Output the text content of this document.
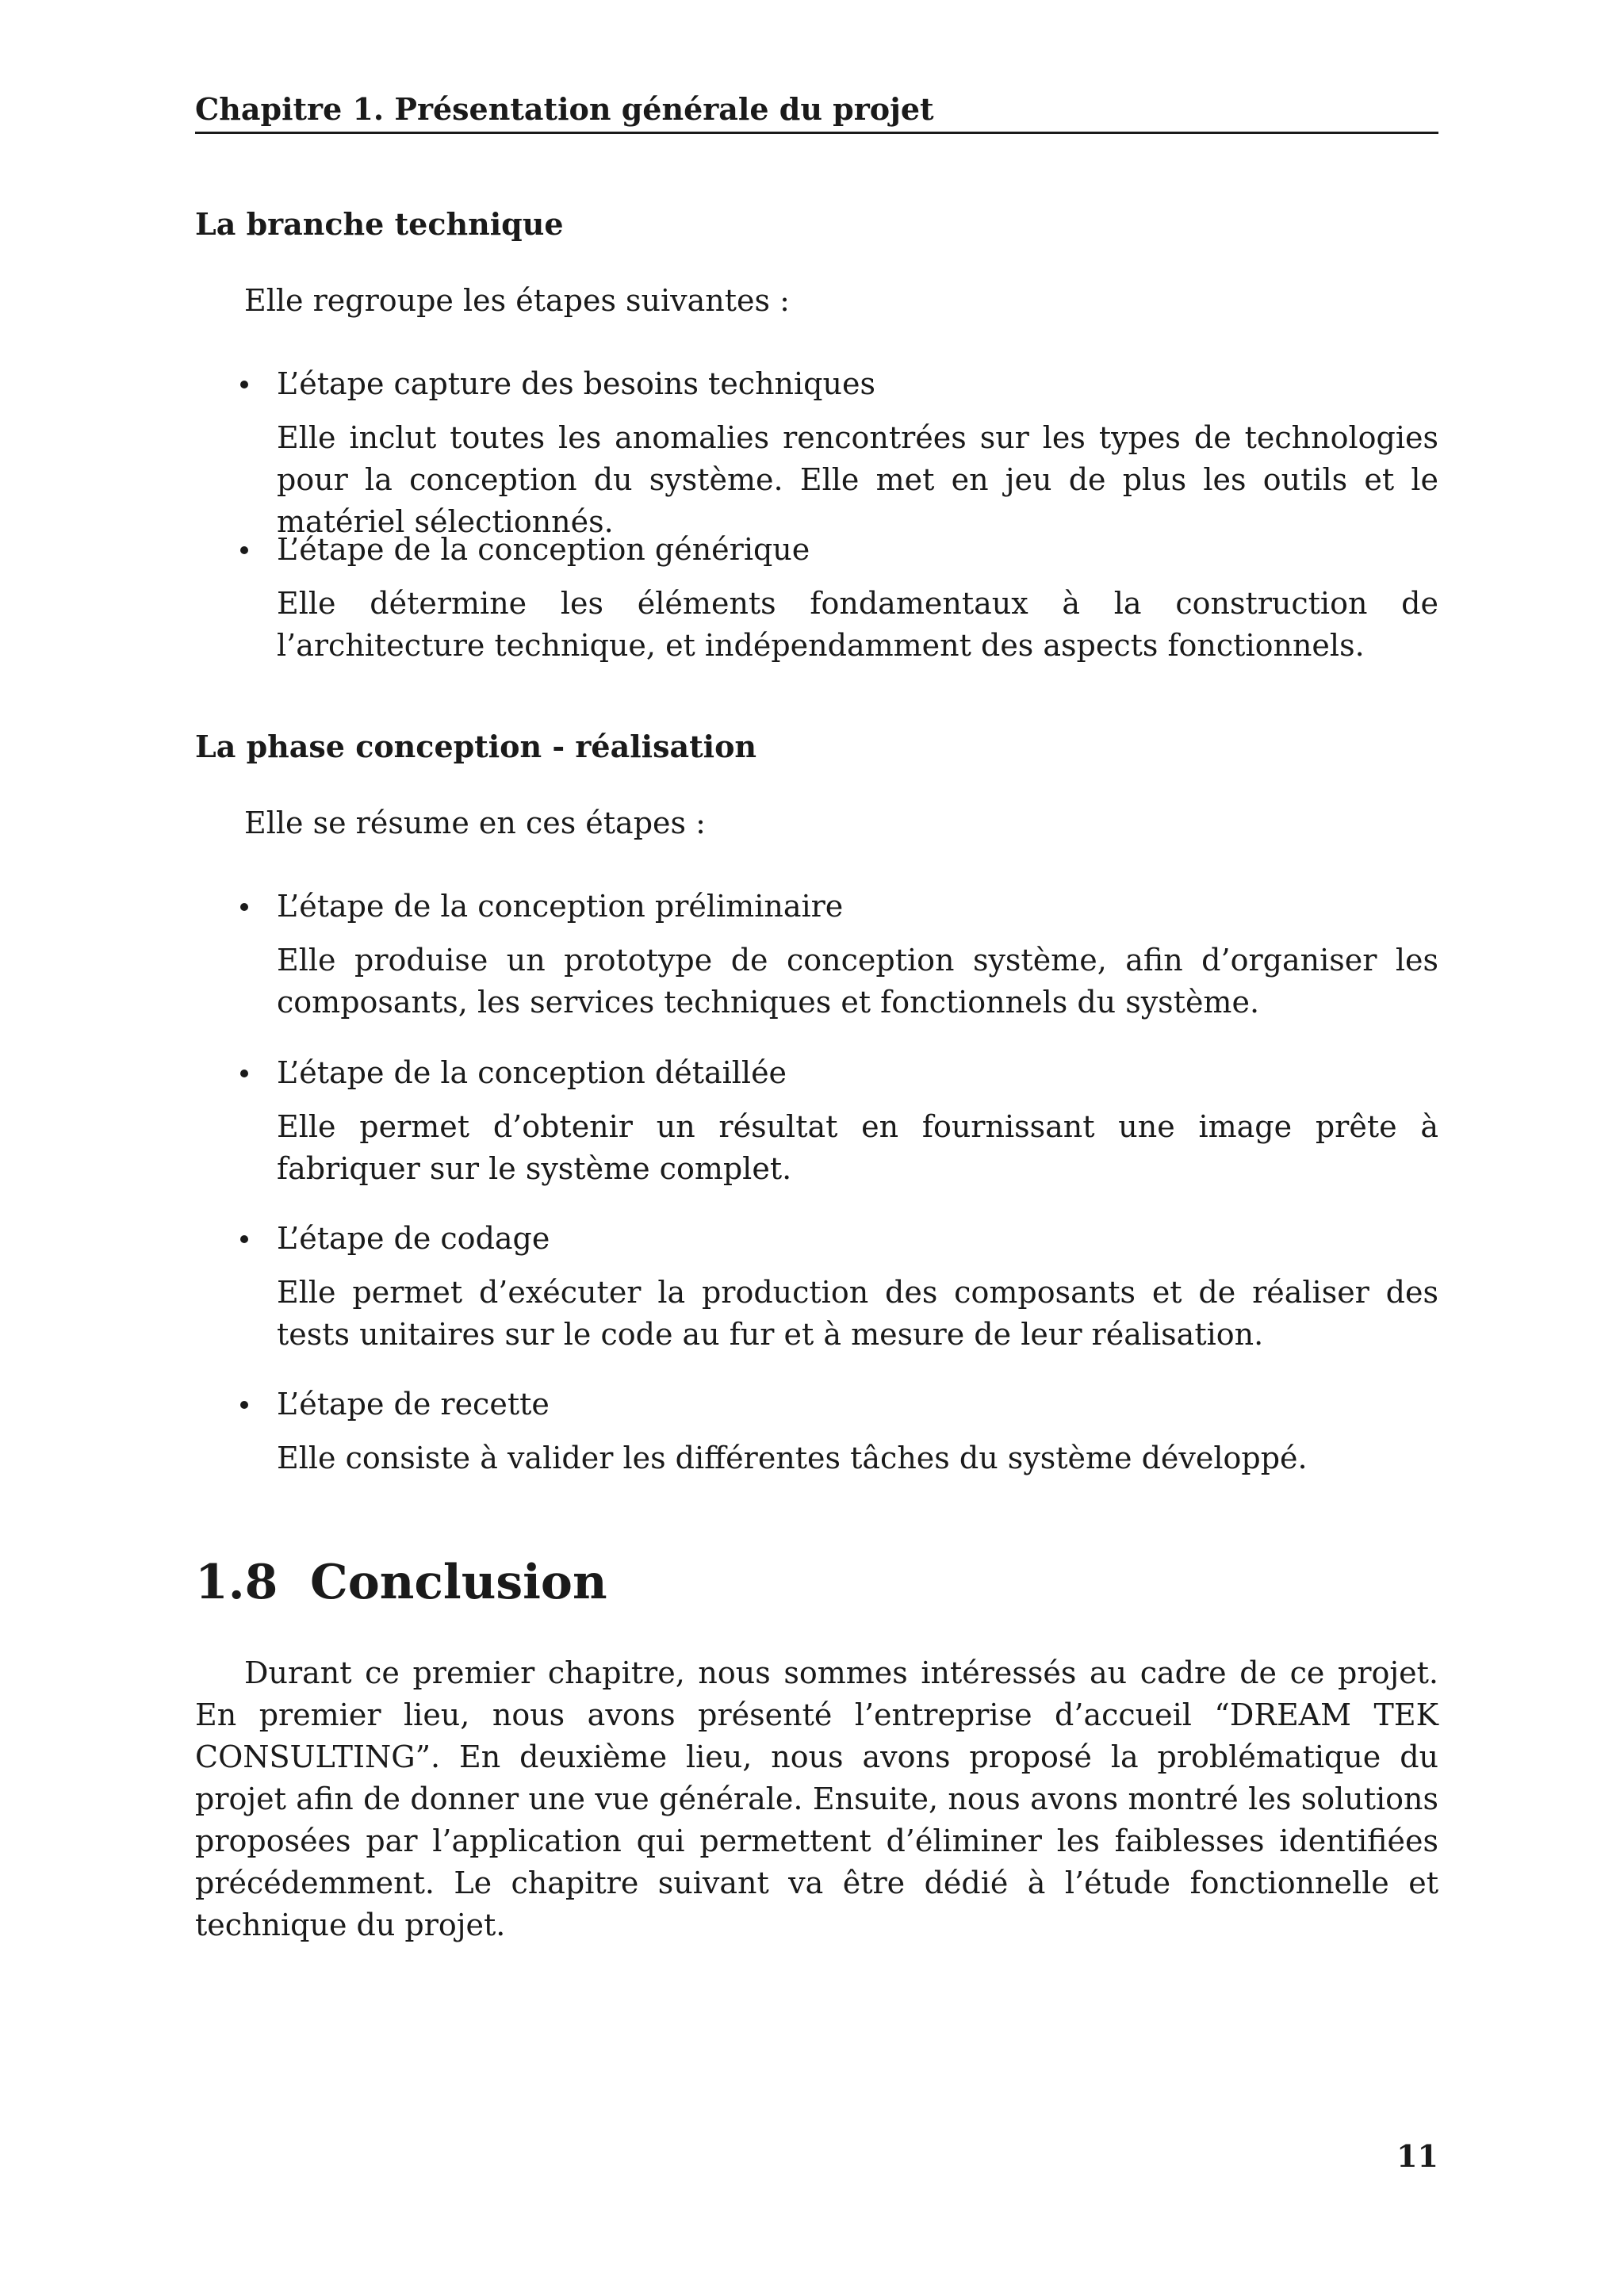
Chapitre 1. Présentation générale du projet
La branche technique

Elle regroupe les étapes suivantes :

L’étape capture des besoins techniques

Elle inclut toutes les anomalies rencontrées sur les types de technologies pour la conception du système. Elle met en jeu de plus les outils et le matériel sélectionnés.

L’étape de la conception générique

Elle détermine les éléments fondamentaux à la construction de l’architecture technique, et indépendamment des aspects fonctionnels.

La phase conception - réalisation

Elle se résume en ces étapes :

L’étape de la conception préliminaire

Elle produise un prototype de conception système, afin d’organiser les composants, les services techniques et fonctionnels du système.

L’étape de la conception détaillée

Elle permet d’obtenir un résultat en fournissant une image prête à fabriquer sur le système complet.

L’étape de codage

Elle permet d’exécuter la production des composants et de réaliser des tests unitaires sur le code au fur et à mesure de leur réalisation.

L’étape de recette

Elle consiste à valider les différentes tâches du système développé.

1.8 Conclusion

Durant ce premier chapitre, nous sommes intéressés au cadre de ce projet. En premier lieu, nous avons présenté l’entreprise d’accueil “DREAM TEK CONSULTING”. En deuxième lieu, nous avons proposé la problématique du projet afin de donner une vue générale. Ensuite, nous avons montré les solutions proposées par l’application qui permettent d’éliminer les faiblesses identifiées précédemment. Le chapitre suivant va être dédié à l’étude fonctionnelle et technique du projet.

11
